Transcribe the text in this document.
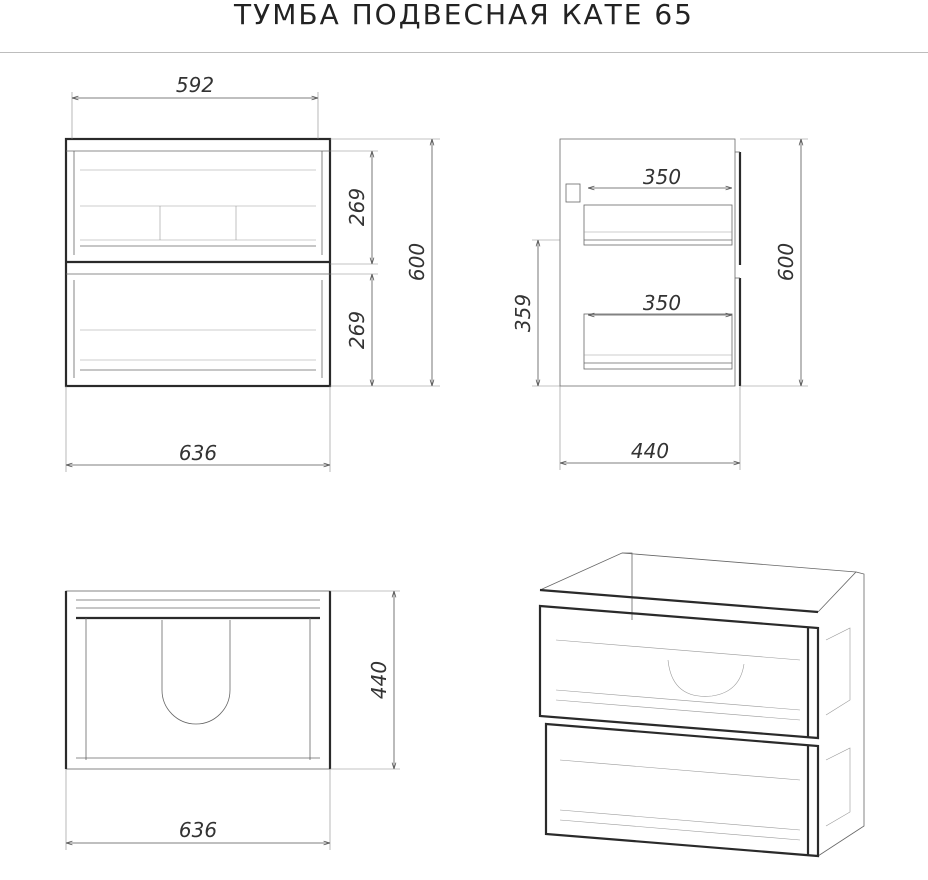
ТУМБА ПОДВЕСНАЯ КАТЕ 65
592
269
269
600
636
350
350
359
600
440
440
636
